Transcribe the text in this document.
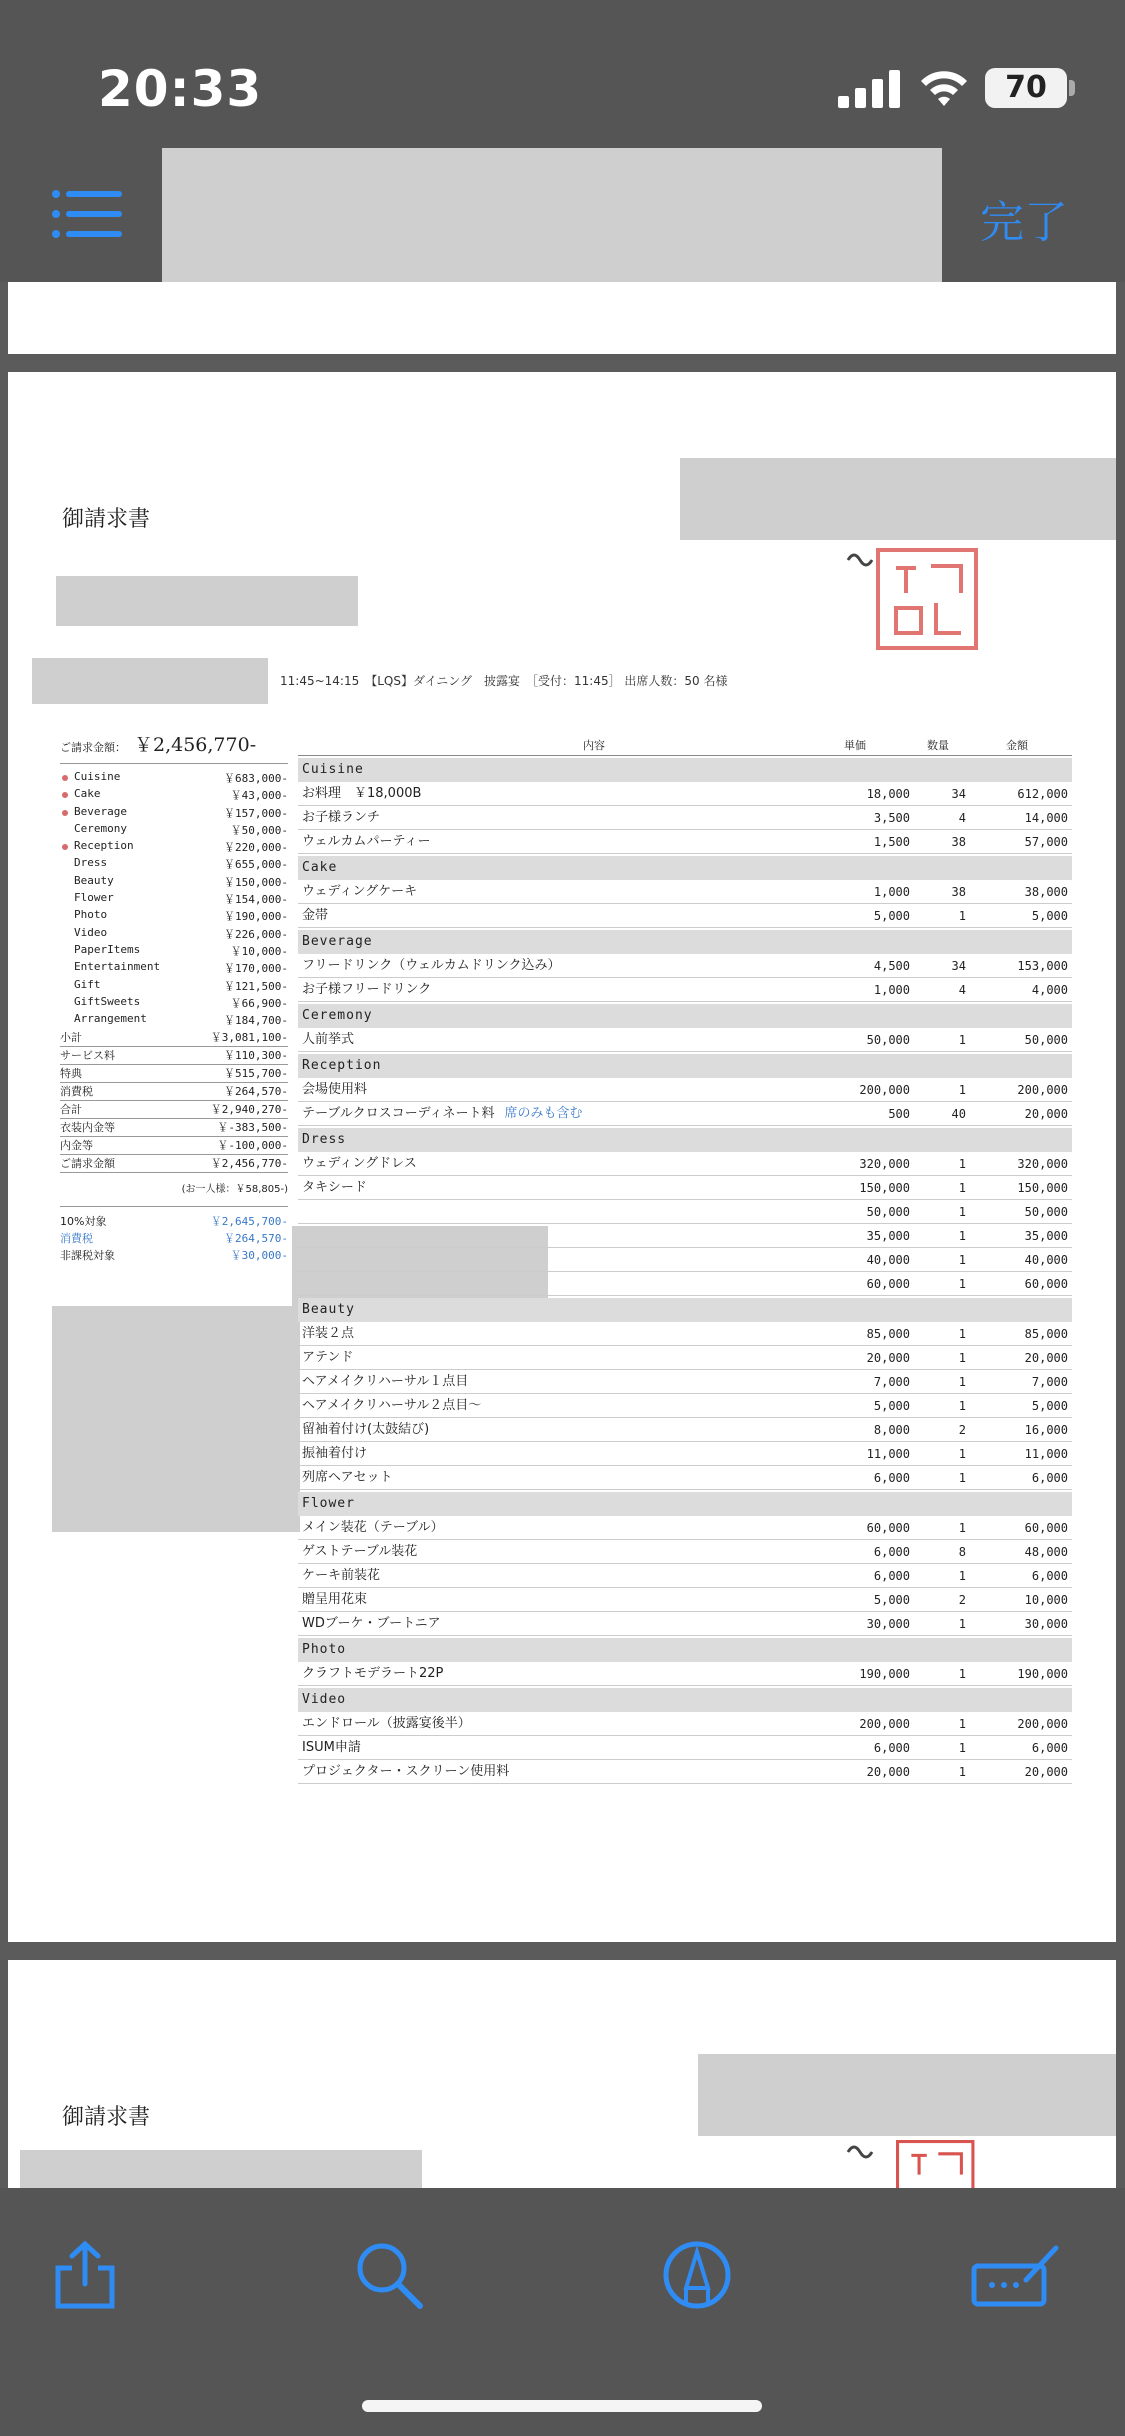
20:33	70
完了
御請求書
11:45~14:15　【LQS】ダイニング　披露宴　［受付：11:45］ 出席人数：50 名様
ご請求金額： ￥2,456,770-
Cuisine	￥683,000-
Cake	￥43,000-
Beverage	￥157,000-
Ceremony	￥50,000-
Reception	￥220,000-
Dress	￥655,000-
Beauty	￥150,000-
Flower	￥154,000-
Photo	￥190,000-
Video	￥226,000-
PaperItems	￥10,000-
Entertainment	￥170,000-
Gift	￥121,500-
GiftSweets	￥66,900-
Arrangement	￥184,700-
小計	￥3,081,100-
サービス料	￥110,300-
特典	￥515,700-
消費税	￥264,570-
合計	￥2,940,270-
衣装内金等	￥-383,500-
内金等	￥-100,000-
ご請求金額	￥2,456,770-
(お一人様：￥58,805-)
10%対象	￥2,645,700-
消費税	￥264,570-
非課税対象	￥30,000-
内容	単価	数量	金額
Cuisine
お料理　￥18,000B	18,000	34	612,000
お子様ランチ	3,500	4	14,000
ウェルカムパーティー	1,500	38	57,000
Cake
ウェディングケーキ	1,000	38	38,000
金帯	5,000	1	5,000
Beverage
フリードリンク（ウェルカムドリンク込み）	4,500	34	153,000
お子様フリードリンク	1,000	4	4,000
Ceremony
人前挙式	50,000	1	50,000
Reception
会場使用料	200,000	1	200,000
テーブルクロスコーディネート料 席のみも含む	500	40	20,000
Dress
ウェディングドレス	320,000	1	320,000
タキシード	150,000	1	150,000
50,000	1	50,000
35,000	1	35,000
40,000	1	40,000
60,000	1	60,000
Beauty
洋装２点	85,000	1	85,000
アテンド	20,000	1	20,000
ヘアメイクリハーサル１点目	7,000	1	7,000
ヘアメイクリハーサル２点目〜	5,000	1	5,000
留袖着付け(太鼓結び)	8,000	2	16,000
振袖着付け	11,000	1	11,000
列席ヘアセット	6,000	1	6,000
Flower
メイン装花（テーブル）	60,000	1	60,000
ゲストテーブル装花	6,000	8	48,000
ケーキ前装花	6,000	1	6,000
贈呈用花束	5,000	2	10,000
WDブーケ・ブートニア	30,000	1	30,000
Photo
クラフトモデラート22P	190,000	1	190,000
Video
エンドロール（披露宴後半）	200,000	1	200,000
ISUM申請	6,000	1	6,000
プロジェクター・スクリーン使用料	20,000	1	20,000
御請求書
